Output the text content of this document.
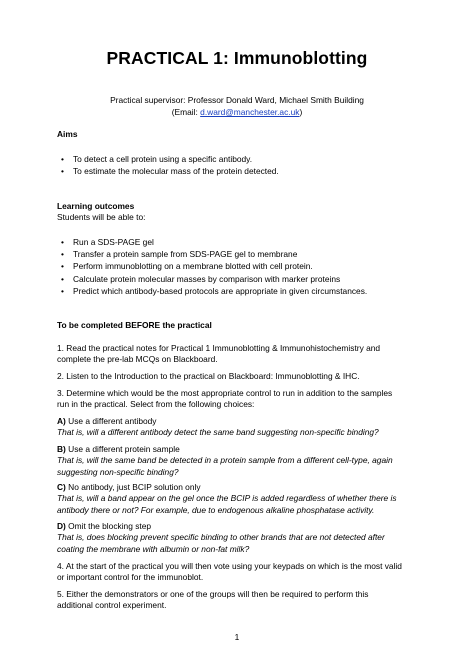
PRACTICAL 1: Immunoblotting
Practical supervisor: Professor Donald Ward, Michael Smith Building
(Email: d.ward@manchester.ac.uk)
Aims
• To detect a cell protein using a specific antibody.
• To estimate the molecular mass of the protein detected.
Learning outcomes
Students will be able to:
• Run a SDS-PAGE gel
• Transfer a protein sample from SDS-PAGE gel to membrane
• Perform immunoblotting on a membrane blotted with cell protein.
• Calculate protein molecular masses by comparison with marker proteins
• Predict which antibody-based protocols are appropriate in given circumstances.
To be completed BEFORE the practical
1. Read the practical notes for Practical 1 Immunoblotting & Immunohistochemistry and
complete the pre-lab MCQs on Blackboard.
2. Listen to the Introduction to the practical on Blackboard: Immunoblotting & IHC.
3. Determine which would be the most appropriate control to run in addition to the samples
run in the practical. Select from the following choices:
A) Use a different antibody
That is, will a different antibody detect the same band suggesting non-specific binding?
B) Use a different protein sample
That is, will the same band be detected in a protein sample from a different cell-type, again
suggesting non-specific binding?
C) No antibody, just BCIP solution only
That is, will a band appear on the gel once the BCIP is added regardless of whether there is
antibody there or not? For example, due to endogenous alkaline phosphatase activity.
D) Omit the blocking step
That is, does blocking prevent specific binding to other brands that are not detected after
coating the membrane with albumin or non-fat milk?
4. At the start of the practical you will then vote using your keypads on which is the most valid
or important control for the immunoblot.
5. Either the demonstrators or one of the groups will then be required to perform this
additional control experiment.
1
